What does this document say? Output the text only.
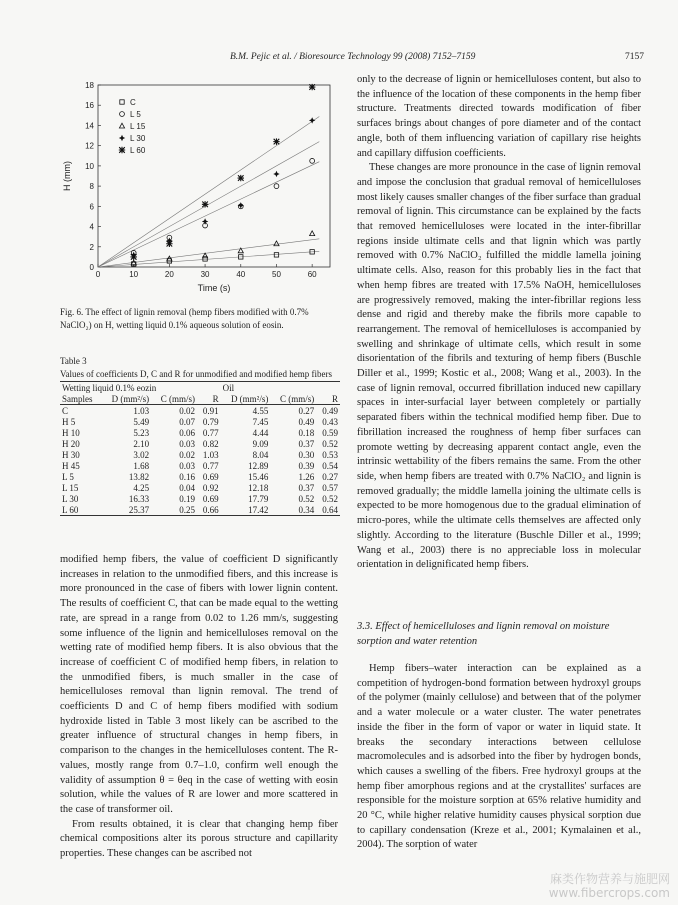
B.M. Pejic et al. / Bioresource Technology 99 (2008) 7152–7159	7157
0	10	20	30	40	50	60
0
2
4
6
8
10
12
14
16
18
Time (s)
H (mm)
C
L 5
L 15
L 30
L 60
Fig. 6. The effect of lignin removal (hemp fibers modified with 0.7%
NaClO₂) on H, wetting liquid 0.1% aqueous solution of eosin.
Table 3
Values of coefficients D, C and R for unmodified and modified hemp fibers
Wetting liquid 0.1% eozin				Oil		
Samples	D (mm²/s)	C (mm/s)	R	D (mm²/s)	C (mm/s)	R
C	1.03	0.02	0.91	4.55	0.27	0.49
H 5	5.49	0.07	0.79	7.45	0.49	0.43
H 10	5.23	0.06	0.77	4.44	0.18	0.59
H 20	2.10	0.03	0.82	9.09	0.37	0.52
H 30	3.02	0.02	1.03	8.04	0.30	0.53
H 45	1.68	0.03	0.77	12.89	0.39	0.54
L 5	13.82	0.16	0.69	15.46	1.26	0.27
L 15	4.25	0.04	0.92	12.18	0.37	0.57
L 30	16.33	0.19	0.69	17.79	0.52	0.52
L 60	25.37	0.25	0.66	17.42	0.34	0.64

modified hemp fibers, the value of coefficient D significantly increases in relation to the unmodified fibers, and this increase is more pronounced in the case of fibers with lower lignin content. The results of coefficient C, that can be made equal to the wetting rate, are spread in a range from 0.02 to 1.26 mm/s, suggesting some influence of the lignin and hemicelluloses removal on the wetting rate of modified hemp fibers. It is also obvious that the increase of coefficient C of modified hemp fibers, in relation to the unmodified fibers, is much smaller in the case of hemicelluloses removal than lignin removal. The trend of coefficients D and C of hemp fibers modified with sodium hydroxide listed in Table 3 most likely can be ascribed to the greater influence of structural changes in hemp fibers, in comparison to the changes in the hemicelluloses content. The R-values, mostly range from 0.7–1.0, confirm well enough the validity of assumption θ = θeq in the case of wetting with eosin solution, while the values of R are lower and more scattered in the case of transformer oil.

From results obtained, it is clear that changing hemp fiber chemical compositions alter its porous structure and capillarity properties. These changes can be ascribed not

only to the decrease of lignin or hemicelluloses content, but also to the influence of the location of these components in the hemp fiber structure. Treatments directed towards modification of fiber surfaces brings about changes of pore diameter and of the contact angle, both of them influencing variation of capillary rise heights and capillary diffusion coefficients.

These changes are more pronounce in the case of lignin removal and impose the conclusion that gradual removal of hemicelluloses most likely causes smaller changes of the fiber surface than gradual removal of lignin. This circumstance can be explained by the facts that removed hemicelluloses were located in the inter-fibrillar regions inside ultimate cells and that lignin which was partly removed with 0.7% NaClO₂ fulfilled the middle lamella joining ultimate cells. Also, reason for this probably lies in the fact that when hemp fibres are treated with 17.5% NaOH, hemicelluloses are progressively removed, making the inter-fibrillar regions less dense and rigid and thereby make the fibrils more capable to rearrangement. The removal of hemicelluloses is accompanied by swelling and shrinkage of ultimate cells, which result in some disorientation of the fibrils and texturing of hemp fibers (Buschle Diller et al., 1999; Kostic et al., 2008; Wang et al., 2003). In the case of lignin removal, occurred fibrillation induced new capillary spaces in inter-surfacial layer between completely or partially separated fibers within the technical modified hemp fiber. Due to fibrillation increased the roughness of hemp fiber surfaces can promote wetting by decreasing apparent contact angle, even the intrinsic wettability of the fibers remains the same. From the other side, when hemp fibers are treated with 0.7% NaClO₂ and lignin is removed gradually; the middle lamella joining the ultimate cells is expected to be more homogenous due to the gradual elimination of micro-pores, while the ultimate cells themselves are affected only slightly. According to the literature (Buschle Diller et al., 1999; Wang et al., 2003) there is no appreciable loss in molecular orientation in delignificated hemp fibers.

3.3. Effect of hemicelluloses and lignin removal on moisture sorption and water retention

Hemp fibers–water interaction can be explained as a competition of hydrogen-bond formation between hydroxyl groups of the polymer (mainly cellulose) and between that of the polymer and a water molecule or a water cluster. The water penetrates inside the fiber in the form of vapor or water in liquid state. It breaks the secondary interactions between cellulose macromolecules and is adsorbed into the fiber by hydrogen bonds, which causes a swelling of the fibers. Free hydroxyl groups at the hemp fiber amorphous regions and at the crystallites' surfaces are responsible for the moisture sorption at 65% relative humidity and 20 °C, while higher relative humidity causes physical sorption due to capillary condensation (Kreze et al., 2001; Kymalainen et al., 2004). The sorption of water

麻类作物营养与施肥网
www.fibercrops.com
